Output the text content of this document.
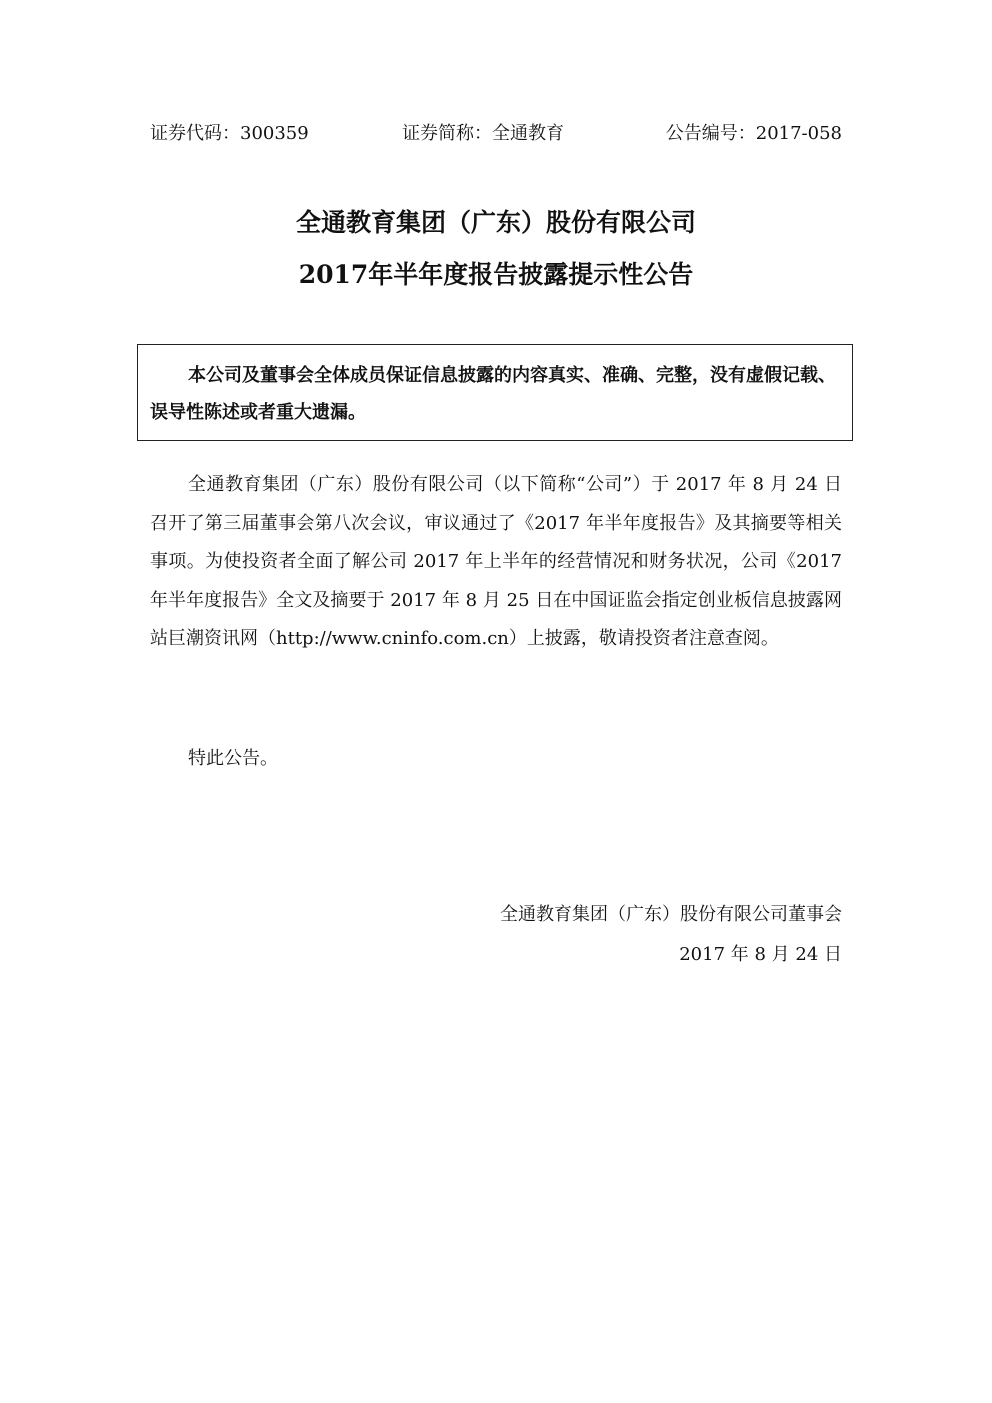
证券代码：300359	证券简称：全通教育	公告编号：2017-058
全通教育集团（广东）股份有限公司
2017年半年度报告披露提示性公告
本公司及董事会全体成员保证信息披露的内容真实、准确、完整，没有虚假记载、误导性陈述或者重大遗漏。
全通教育集团（广东）股份有限公司（以下简称“公司”）于 2017 年 8 月 24 日召开了第三届董事会第八次会议，审议通过了《2017 年半年度报告》及其摘要等相关事项。为使投资者全面了解公司 2017 年上半年的经营情况和财务状况，公司《2017 年半年度报告》全文及摘要于 2017 年 8 月 25 日在中国证监会指定创业板信息披露网站巨潮资讯网（http://www.cninfo.com.cn）上披露，敬请投资者注意查阅。
特此公告。
全通教育集团（广东）股份有限公司董事会
2017 年 8 月 24 日
